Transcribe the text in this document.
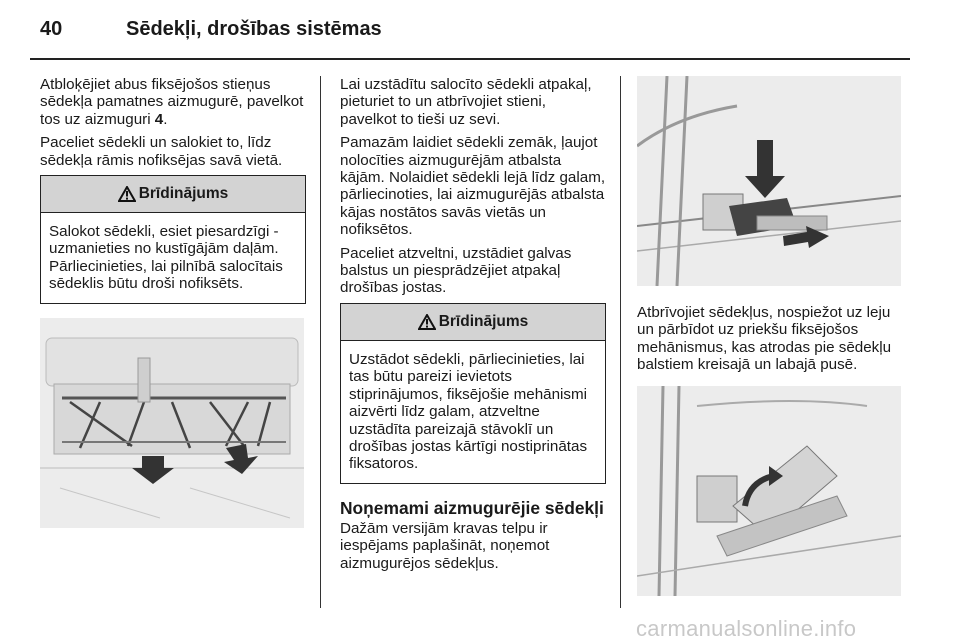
40	Sēdekļi, drošības sistēmas

Atbloķējiet abus fiksējošos stieņus sēdekļa pamatnes aizmugurē, pavelkot tos uz aizmuguri 4.

Paceliet sēdekli un salokiet to, līdz sēdekļa rāmis nofiksējas savā vietā.

Brīdinājums
Salokot sēdekli, esiet piesardzīgi - uzmanieties no kustīgājām daļām. Pārliecinieties, lai pilnībā salocītais sēdeklis būtu droši nofiksēts.

Lai uzstādītu salocīto sēdekli atpakaļ, pieturiet to un atbrīvojiet stieni, pavelkot to tieši uz sevi.

Pamazām laidiet sēdekli zemāk, ļaujot nolocīties aizmugurējām atbalsta kājām. Nolaidiet sēdekli lejā līdz galam, pārliecinoties, lai aizmugurējās atbalsta kājas nostātos savās vietās un nofiksētos.

Paceliet atzveltni, uzstādiet galvas balstus un piesprādzējiet atpakaļ drošības jostas.

Brīdinājums
Uzstādot sēdekli, pārliecinieties, lai tas būtu pareizi ievietots stiprinājumos, fiksējošie mehānismi aizvērti līdz galam, atzveltne uzstādīta pareizajā stāvoklī un drošības jostas kārtīgi nostiprinātas fiksatoros.
Noņemami aizmugurējie sēdekļi

Dažām versijām kravas telpu ir iespējams paplašināt, noņemot aizmugurējos sēdekļus.

Atbrīvojiet sēdekļus, nospiežot uz leju un pārbīdot uz priekšu fiksējošos mehānismus, kas atrodas pie sēdekļu balstiem kreisajā un labajā pusē.

carmanualsonline.info
